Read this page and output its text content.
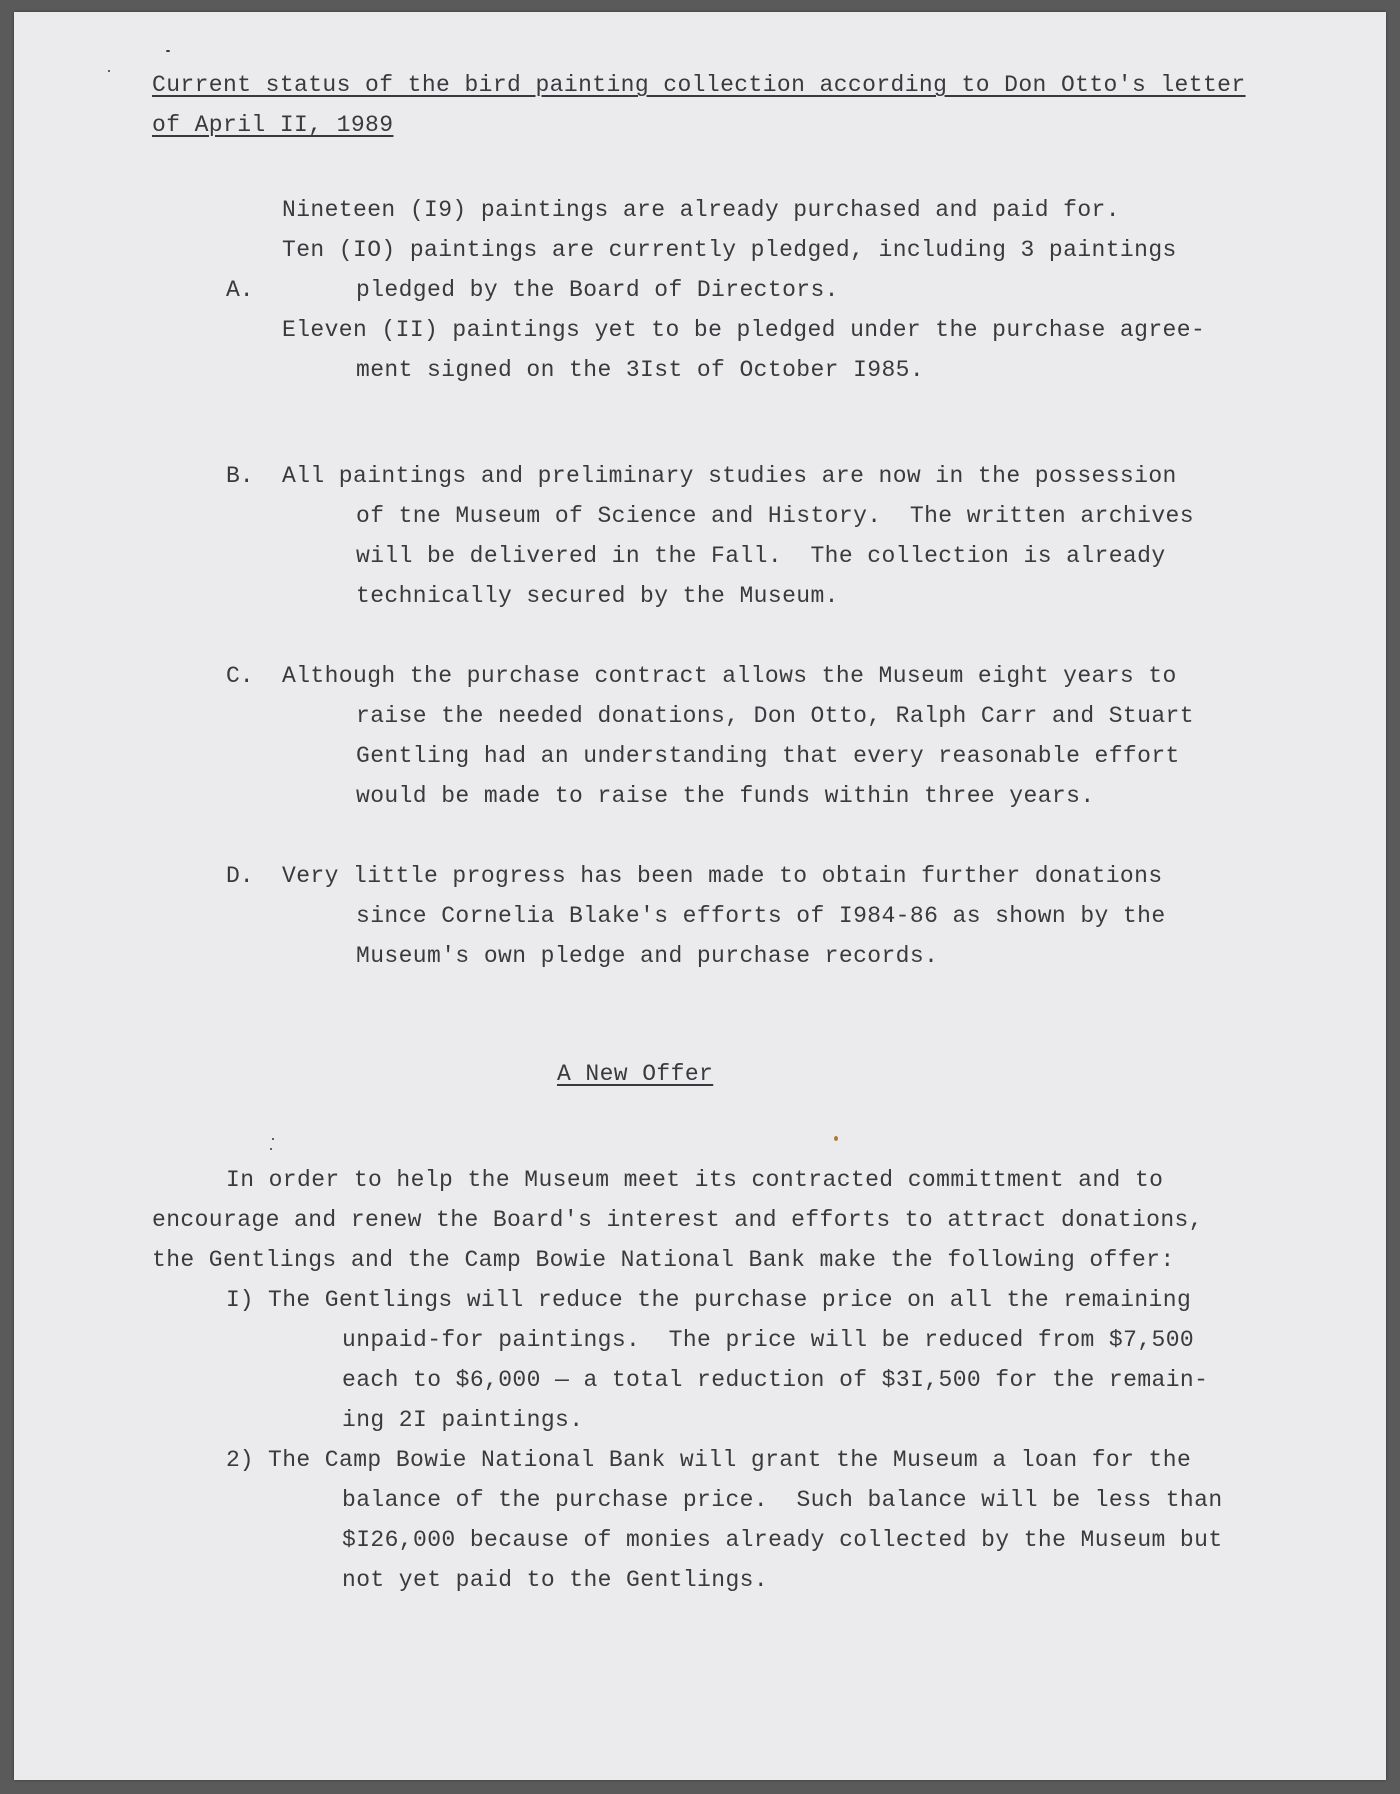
Current status of the bird painting collection according to Don Otto's letter
of April II, 1989
A.
Nineteen (I9) paintings are already purchased and paid for.
Ten (IO) paintings are currently pledged, including 3 paintings
pledged by the Board of Directors.
Eleven (II) paintings yet to be pledged under the purchase agree-
ment signed on the 3Ist of October I985.
B. All paintings and preliminary studies are now in the possession
of tne Museum of Science and History.  The written archives
will be delivered in the Fall.  The collection is already
technically secured by the Museum.
C. Although the purchase contract allows the Museum eight years to
raise the needed donations, Don Otto, Ralph Carr and Stuart
Gentling had an understanding that every reasonable effort
would be made to raise the funds within three years.
D. Very little progress has been made to obtain further donations
since Cornelia Blake's efforts of I984-86 as shown by the
Museum's own pledge and purchase records.
A New Offer
In order to help the Museum meet its contracted committment and to
encourage and renew the Board's interest and efforts to attract donations,
the Gentlings and the Camp Bowie National Bank make the following offer:
I) The Gentlings will reduce the purchase price on all the remaining
unpaid-for paintings.  The price will be reduced from $7,500
each to $6,000 — a total reduction of $3I,500 for the remain-
ing 2I paintings.
2) The Camp Bowie National Bank will grant the Museum a loan for the
balance of the purchase price.  Such balance will be less than
$I26,000 because of monies already collected by the Museum but
not yet paid to the Gentlings.
